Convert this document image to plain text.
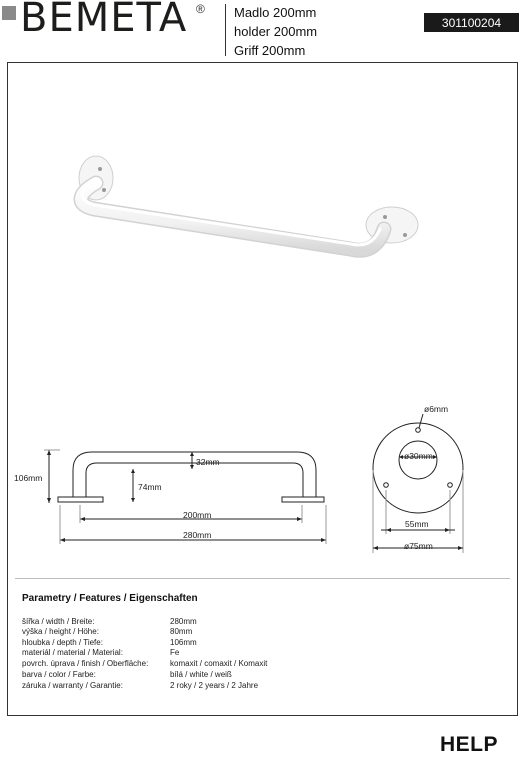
BEMETA ® Madlo 200mm
holder 200mm
Griff 200mm
301100204
106mm
32mm
74mm
200mm
280mm
ø6mm
ø30mm
55mm
ø75mm
Parametry / Features / Eigenschaften
šířka / width / Breite:	280mm
výška / height / Höhe:	80mm
hloubka / depth / Tiefe:	106mm
materiál / material / Material:	Fe
povrch. úprava / finish / Oberfläche:	komaxit / comaxit / Komaxit
barva / color / Farbe:	bílá / white / weiß
záruka / warranty / Garantie:	2 roky / 2 years / 2 Jahre
HELP
